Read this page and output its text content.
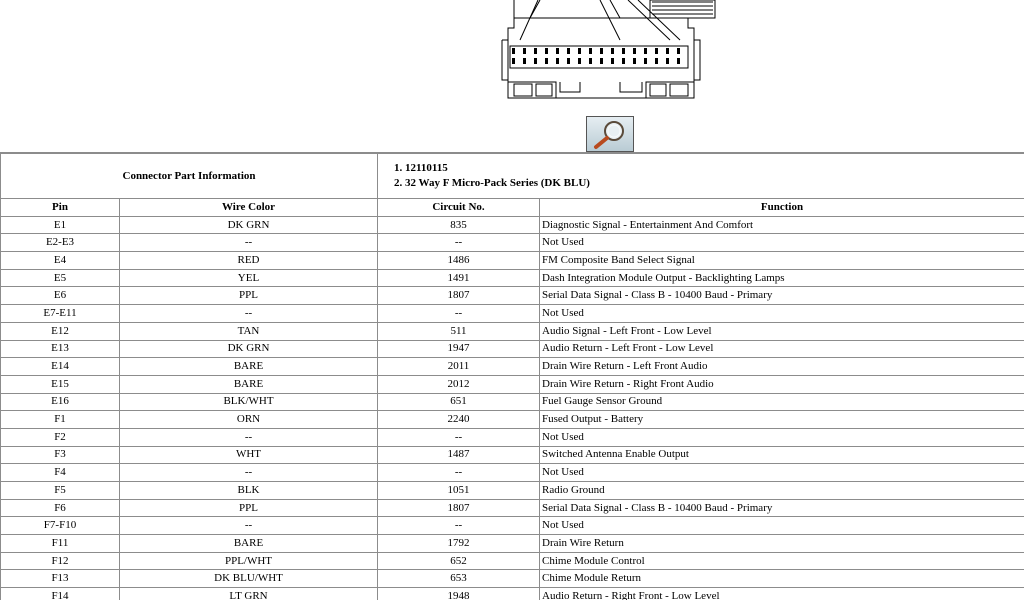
Connector Part Information		1. 12110115
2. 32 Way F Micro-Pack Series (DK BLU)	

Pin	Wire Color	Circuit No.	Function
E1	DK GRN	835	Diagnostic Signal - Entertainment And Comfort
E2-E3	--	--	Not Used
E4	RED	1486	FM Composite Band Select Signal
E5	YEL	1491	Dash Integration Module Output - Backlighting Lamps
E6	PPL	1807	Serial Data Signal - Class B - 10400 Baud - Primary
E7-E11	--	--	Not Used
E12	TAN	511	Audio Signal - Left Front - Low Level
E13	DK GRN	1947	Audio Return - Left Front - Low Level
E14	BARE	2011	Drain Wire Return - Left Front Audio
E15	BARE	2012	Drain Wire Return - Right Front Audio
E16	BLK/WHT	651	Fuel Gauge Sensor Ground
F1	ORN	2240	Fused Output - Battery
F2	--	--	Not Used
F3	WHT	1487	Switched Antenna Enable Output
F4	--	--	Not Used
F5	BLK	1051	Radio Ground
F6	PPL	1807	Serial Data Signal - Class B - 10400 Baud - Primary
F7-F10	--	--	Not Used
F11	BARE	1792	Drain Wire Return
F12	PPL/WHT	652	Chime Module Control
F13	DK BLU/WHT	653	Chime Module Return
F14	LT GRN	1948	Audio Return - Right Front - Low Level
